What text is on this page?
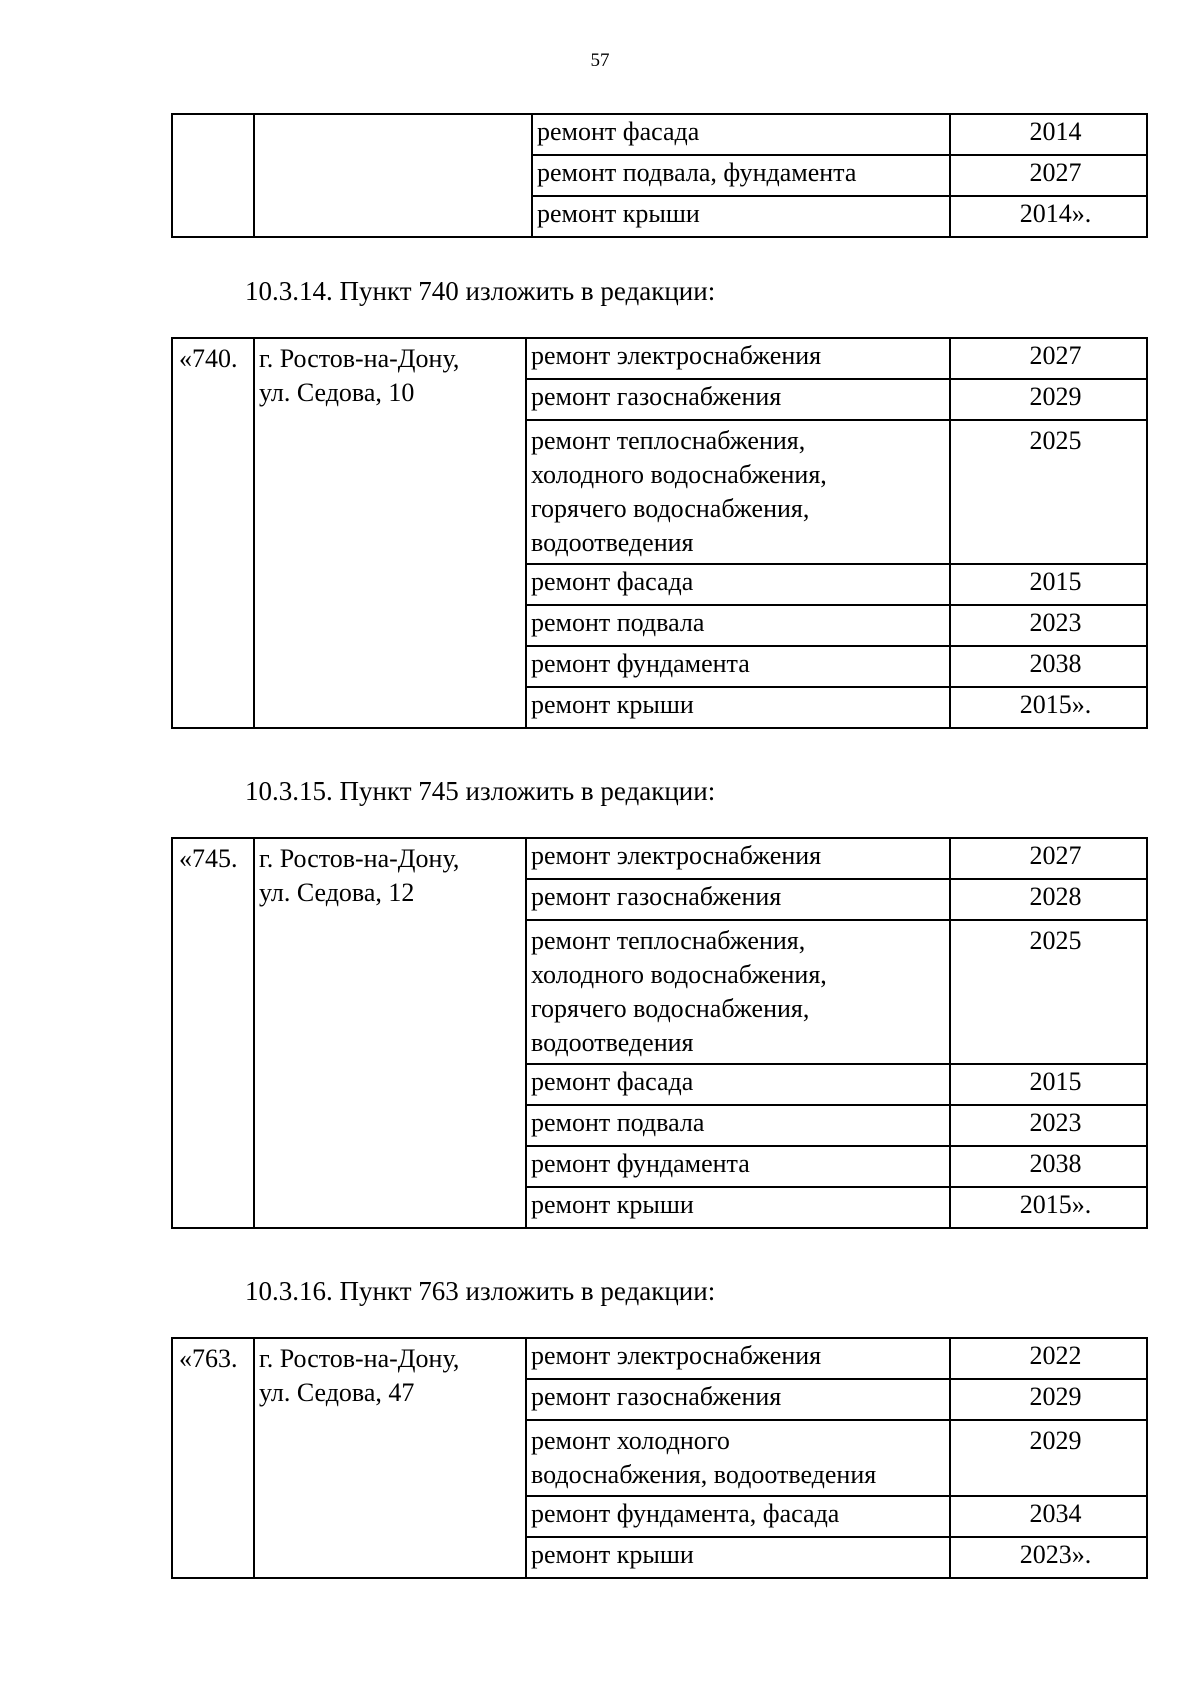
57
		ремонт фасада	2014
		ремонт подвала, фундамента	2027
		ремонт крыши	2014».
10.3.14. Пункт 740 изложить в редакции:
«740.	г. Ростов-на-Дону,
ул. Седова, 10	ремонт электроснабжения	2027
		ремонт газоснабжения	2029

		ремонт теплоснабжения,
холодного водоснабжения,
горячего водоснабжения,
водоотведения	2025
		ремонт фасада	2015
		ремонт подвала	2023
		ремонт фундамента	2038
		ремонт крыши	2015».
10.3.15. Пункт 745 изложить в редакции:
«745.	г. Ростов-на-Дону,
ул. Седова, 12	ремонт электроснабжения	2027
		ремонт газоснабжения	2028

		ремонт теплоснабжения,
холодного водоснабжения,
горячего водоснабжения,
водоотведения	2025
		ремонт фасада	2015
		ремонт подвала	2023
		ремонт фундамента	2038
		ремонт крыши	2015».
10.3.16. Пункт 763 изложить в редакции:
«763.	г. Ростов-на-Дону,
ул. Седова, 47	ремонт электроснабжения	2022
		ремонт газоснабжения	2029

		ремонт холодного
водоснабжения, водоотведения	2029
		ремонт фундамента, фасада	2034
		ремонт крыши	2023».
